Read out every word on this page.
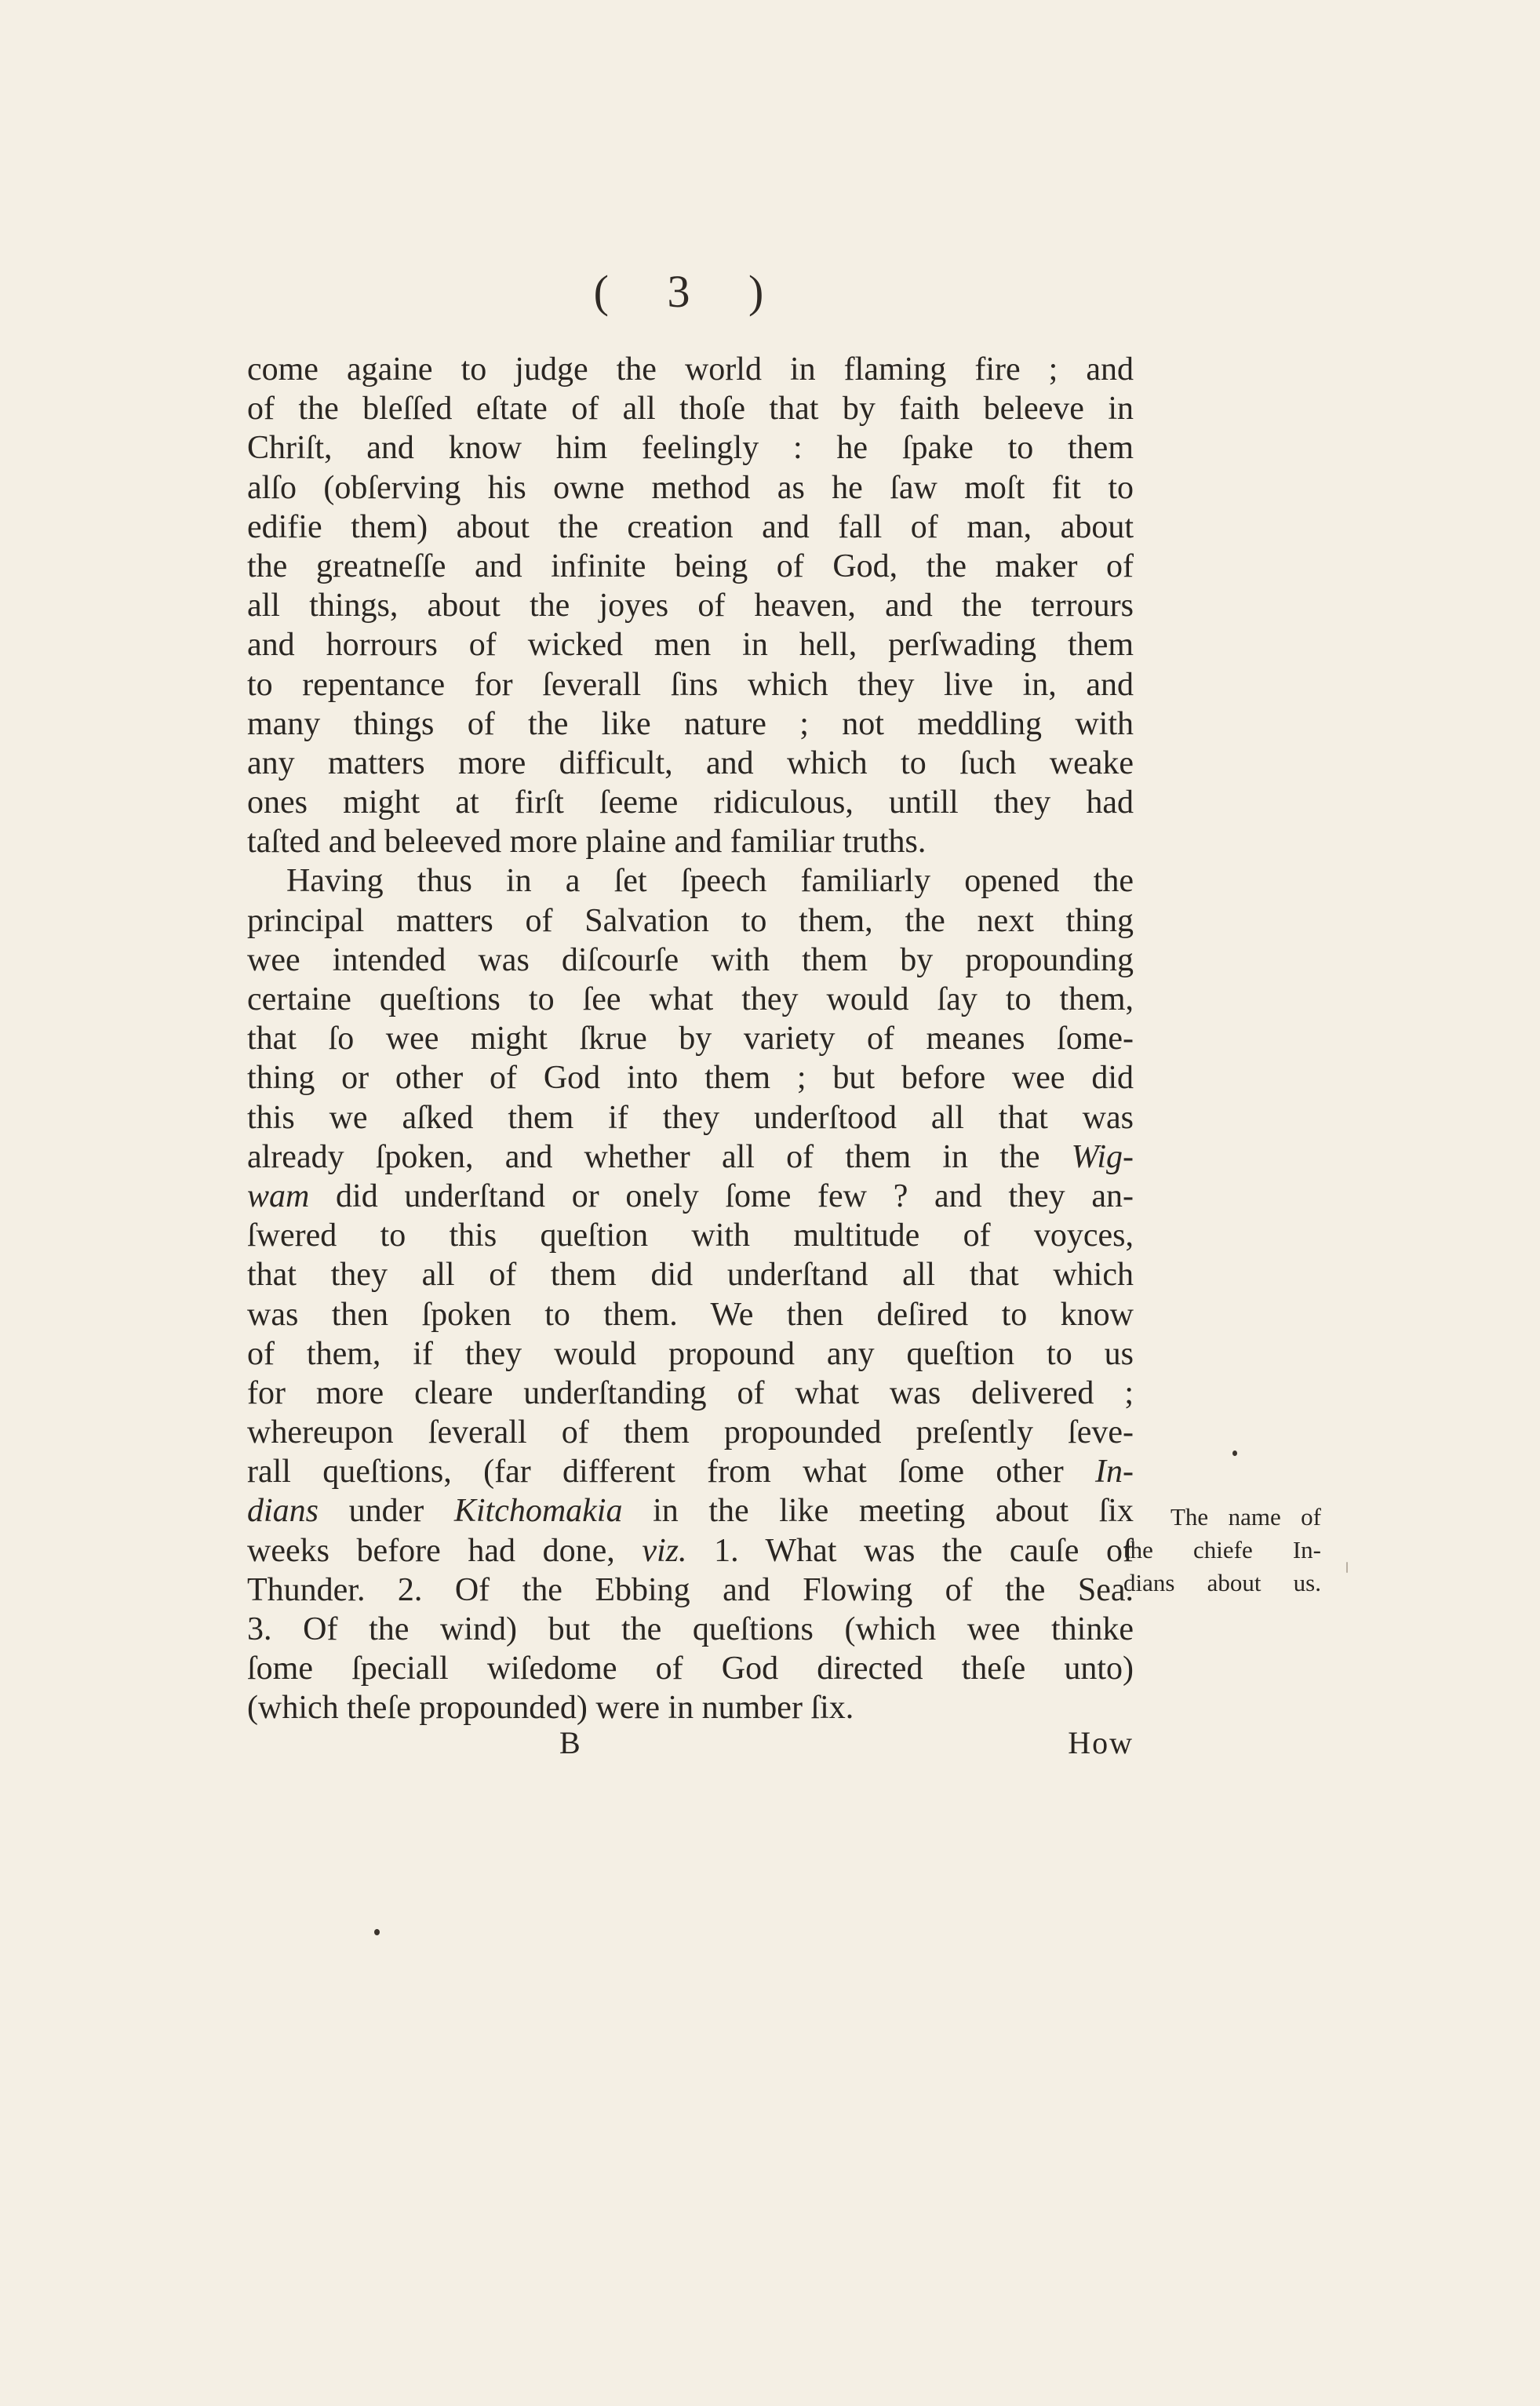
( 3 )
come againe to judge the world in flaming fire ; and
of the bleſſed eſtate of all thoſe that by faith beleeve in
Chriſt, and know him feelingly : he ſpake to them
alſo (obſerving his owne method as he ſaw moſt fit to
edifie them) about the creation and fall of man, about
the greatneſſe and infinite being of God, the maker of
all things, about the joyes of heaven, and the terrours
and horrours of wicked men in hell, perſwading them
to repentance for ſeverall ſins which they live in, and
many things of the like nature ; not meddling with
any matters more difficult, and which to ſuch weake
ones might at firſt ſeeme ridiculous, untill they had
taſted and beleeved more plaine and familiar truths.
Having thus in a ſet ſpeech familiarly opened the
principal matters of Salvation to them, the next thing
wee intended was diſcourſe with them by propounding
certaine queſtions to ſee what they would ſay to them,
that ſo wee might ſkrue by variety of meanes ſome-
thing or other of God into them ; but before wee did
this we aſked them if they underſtood all that was
already ſpoken, and whether all of them in the Wig-
wam did underſtand or onely ſome few ? and they an-
ſwered to this queſtion with multitude of voyces,
that they all of them did underſtand all that which
was then ſpoken to them. We then deſired to know
of them, if they would propound any queſtion to us
for more cleare underſtanding of what was delivered ;
whereupon ſeverall of them propounded preſently ſeve-
rall queſtions, (far different from what ſome other In-
dians under Kitchomakia in the like meeting about ſix
weeks before had done, viz. 1. What was the cauſe of
Thunder. 2. Of the Ebbing and Flowing of the Sea.
3. Of the wind) but the queſtions (which wee thinke
ſome ſpeciall wiſedome of God directed theſe unto)
(which theſe propounded) were in number ſix.
B	How
The name of
the chiefe In-
dians about us.
